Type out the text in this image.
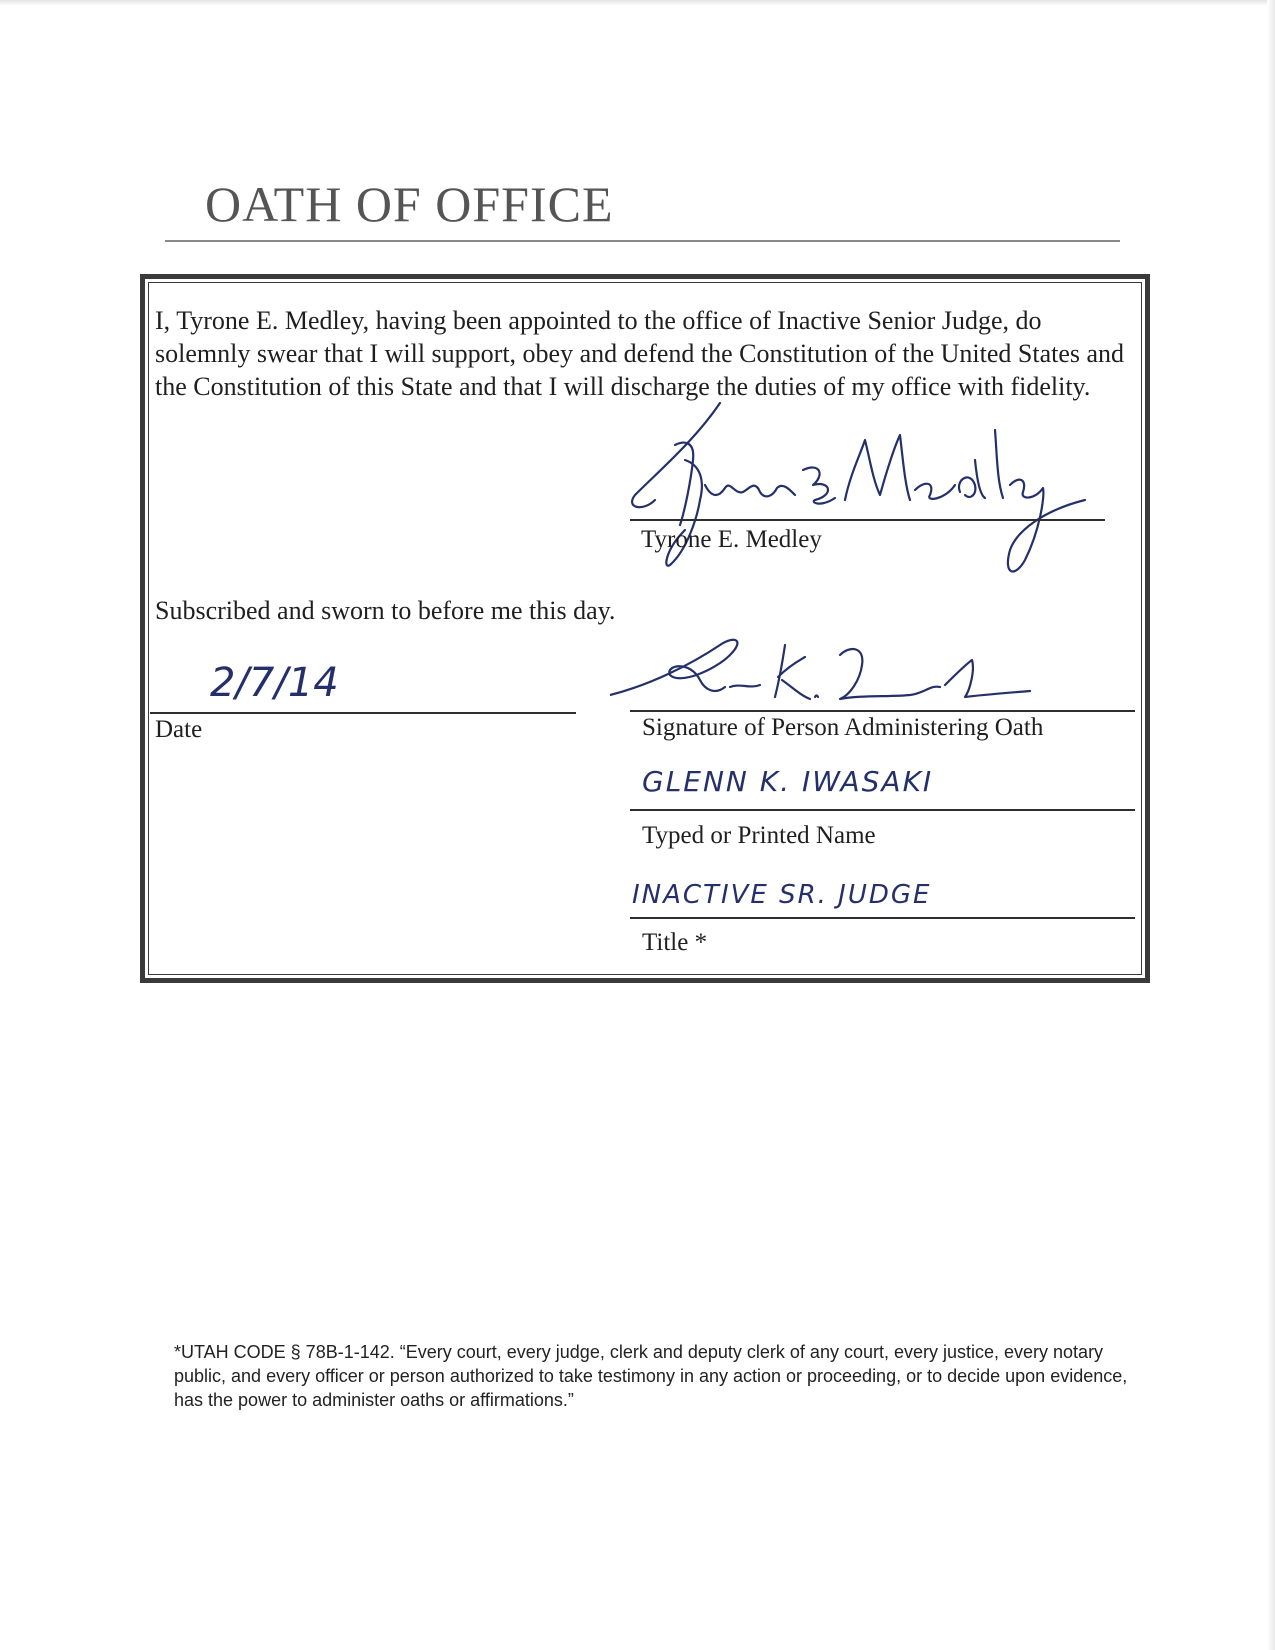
OATH OF OFFICE

I, Tyrone E. Medley, having been appointed to the office of Inactive Senior Judge, do solemnly swear that I will support, obey and defend the Constitution of the United States and the Constitution of this State and that I will discharge the duties of my office with fidelity.

Tyrone E. Medley
Subscribed and sworn to before me this day.
2/7/14
Date	Signature of Person Administering Oath
GLENN K. IWASAKI
Typed or Printed Name
INACTIVE SR. JUDGE
Title *

*UTAH CODE § 78B-1-142. “Every court, every judge, clerk and deputy clerk of any court, every justice, every notary public, and every officer or person authorized to take testimony in any action or proceeding, or to decide upon evidence, has the power to administer oaths or affirmations.”
